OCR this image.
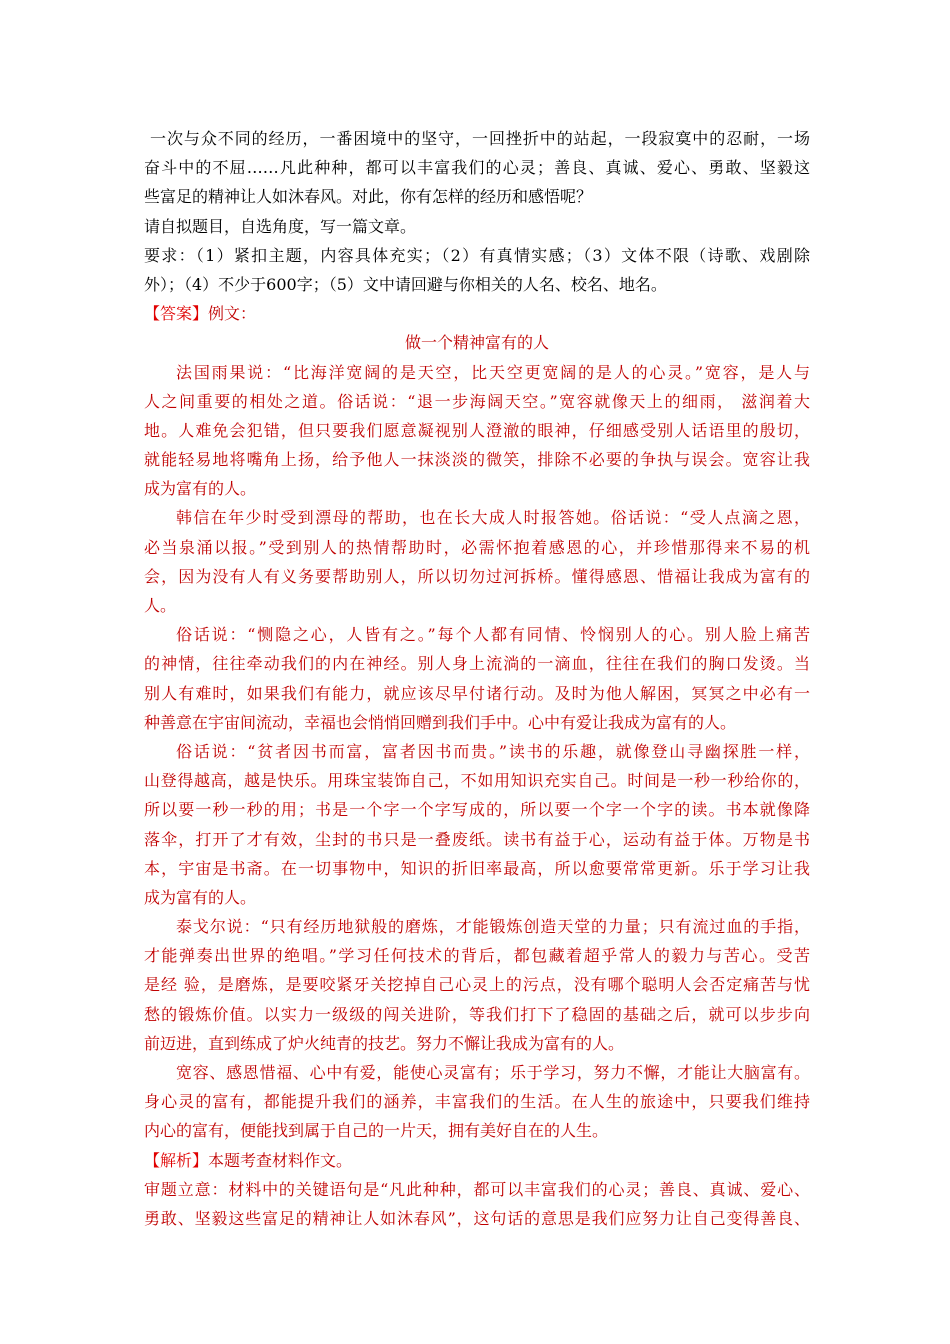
一次与众不同的经历，一番困境中的坚守，一回挫折中的站起，一段寂寞中的忍耐，一场
奋斗中的不屈……凡此种种，都可以丰富我们的心灵；善良、真诚、爱心、勇敢、坚毅这
些富足的精神让人如沐春风。对此，你有怎样的经历和感悟呢？
请自拟题目，自选角度，写一篇文章。
要求：（1）紧扣主题，内容具体充实；（2）有真情实感；（3）文体不限（诗歌、戏剧除
外）；（4）不少于600字；（5）文中请回避与你相关的人名、校名、地名。
【答案】例文：
做一个精神富有的人
法国雨果说：“比海洋宽阔的是天空，比天空更宽阔的是人的心灵。”宽容，是人与
人之间重要的相处之道。俗话说：“退一步海阔天空。”宽容就像天上的细雨， 滋润着大
地。人难免会犯错，但只要我们愿意凝视别人澄澈的眼神，仔细感受别人话语里的殷切，
就能轻易地将嘴角上扬，给予他人一抹淡淡的微笑，排除不必要的争执与误会。宽容让我
成为富有的人。
韩信在年少时受到漂母的帮助，也在长大成人时报答她。俗话说：“受人点滴之恩，
必当泉涌以报。”受到别人的热情帮助时，必需怀抱着感恩的心，并珍惜那得来不易的机
会，因为没有人有义务要帮助别人，所以切勿过河拆桥。懂得感恩、惜福让我成为富有的
人。
俗话说：“恻隐之心，人皆有之。”每个人都有同情、怜悯别人的心。别人脸上痛苦
的神情，往往牵动我们的内在神经。别人身上流淌的一滴血，往往在我们的胸口发烫。当
别人有难时，如果我们有能力，就应该尽早付诸行动。及时为他人解困，冥冥之中必有一
种善意在宇宙间流动，幸福也会悄悄回赠到我们手中。心中有爱让我成为富有的人。
俗话说：“贫者因书而富，富者因书而贵。”读书的乐趣，就像登山寻幽探胜一样，
山登得越高，越是快乐。用珠宝装饰自己，不如用知识充实自己。时间是一秒一秒给你的，
所以要一秒一秒的用；书是一个字一个字写成的，所以要一个字一个字的读。书本就像降
落伞，打开了才有效，尘封的书只是一叠废纸。读书有益于心，运动有益于体。万物是书
本，宇宙是书斋。在一切事物中，知识的折旧率最高，所以愈要常常更新。乐于学习让我
成为富有的人。
泰戈尔说：“只有经历地狱般的磨炼，才能锻炼创造天堂的力量；只有流过血的手指，
才能弹奏出世界的绝唱。”学习任何技术的背后，都包藏着超乎常人的毅力与苦心。受苦
是经 验，是磨炼，是要咬紧牙关挖掉自己心灵上的污点，没有哪个聪明人会否定痛苦与忧
愁的锻炼价值。以实力一级级的闯关进阶，等我们打下了稳固的基础之后，就可以步步向
前迈进，直到练成了炉火纯青的技艺。努力不懈让我成为富有的人。
宽容、感恩惜福、心中有爱，能使心灵富有；乐于学习，努力不懈，才能让大脑富有。
身心灵的富有，都能提升我们的涵养，丰富我们的生活。在人生的旅途中，只要我们维持
内心的富有，便能找到属于自己的一片天，拥有美好自在的人生。
【解析】本题考查材料作文。
审题立意：材料中的关键语句是“凡此种种，都可以丰富我们的心灵；善良、真诚、爱心、
勇敢、坚毅这些富足的精神让人如沐春风”，这句话的意思是我们应努力让自己变得善良、
